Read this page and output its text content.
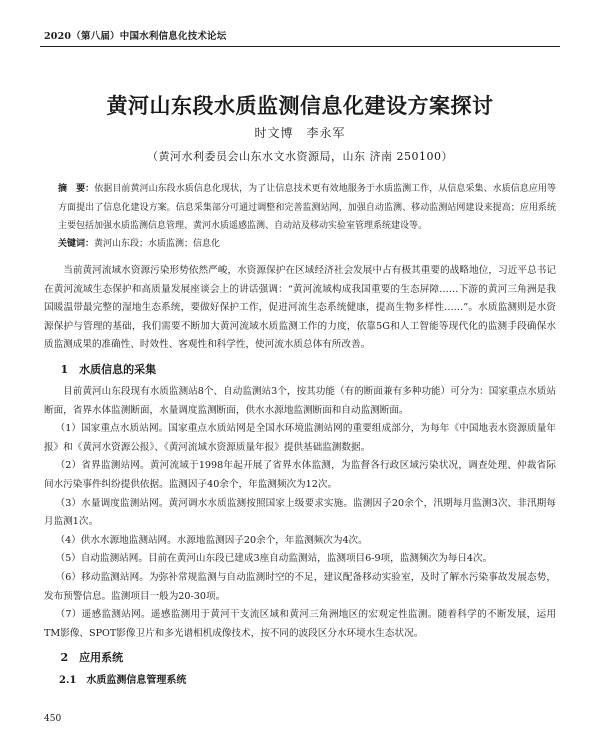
2020（第八届）中国水利信息化技术论坛
黄河山东段水质监测信息化建设方案探讨
时文博　李永军
（黄河水利委员会山东水文水资源局，山东 济南 250100）
摘　要：依据目前黄河山东段水质信息化现状，为了让信息技术更有效地服务于水质监测工作，从信息采集、水质信息应用等方面提出了信息化建设方案。信息采集部分可通过调整和完善监测站网，加强自动监测、移动监测站网建设来提高；应用系统主要包括加强水质监测信息管理、黄河水质遥感监测、自动站及移动实验室管理系统建设等。
关键词：黄河山东段；水质监测；信息化

当前黄河流域水资源污染形势依然严峻，水资源保护在区域经济社会发展中占有极其重要的战略地位，习近平总书记在黄河流域生态保护和高质量发展座谈会上的讲话强调：“黄河流域构成我国重要的生态屏障……下游的黄河三角洲是我国暖温带最完整的湿地生态系统，要做好保护工作，促进河流生态系统健康，提高生物多样性……”。水质监测则是水资源保护与管理的基础，我们需要不断加大黄河流域水质监测工作的力度，依靠5G和人工智能等现代化的监测手段确保水质监测成果的准确性、时效性、客观性和科学性，使河流水质总体有所改善。

1　水质信息的采集

目前黄河山东段现有水质监测站8个、自动监测站3个，按其功能（有的断面兼有多种功能）可分为：国家重点水质站断面，省界水体监测断面，水量调度监测断面，供水水源地监测断面和自动监测断面。

（1）国家重点水质站网。国家重点水质站网是全国水环境监测站网的重要组成部分，为每年《中国地表水资源质量年报》和《黄河水资源公报》、《黄河流域水资源质量年报》提供基础监测数据。

（2）省界监测站网。黄河流域于1998年起开展了省界水体监测，为监督各行政区域污染状况，调查处理、仲裁省际间水污染事件纠纷提供依据。监测因子40余个，年监测频次为12次。

（3）水量调度监测站网。黄河调水水质监测按照国家上级要求实施。监测因子20余个，汛期每月监测3次、非汛期每月监测1次。

（4）供水水源地监测站网。水源地监测因子20余个，年监测频次为4次。

（5）自动监测站网。目前在黄河山东段已建成3座自动监测站，监测项目6-9项，监测频次为每日4次。

（6）移动监测站网。为弥补常规监测与自动监测时空的不足，建议配备移动实验室，及时了解水污染事故发展态势，发布预警信息。监测项目一般为20-30项。

（7）遥感监测站网。遥感监测用于黄河干支流区域和黄河三角洲地区的宏观定性监测。随着科学的不断发展，运用TM影像、SPOT影像卫片和多光谱相机成像技术，按不同的波段区分水环境水生态状况。

2　应用系统
2.1　水质监测信息管理系统
450
